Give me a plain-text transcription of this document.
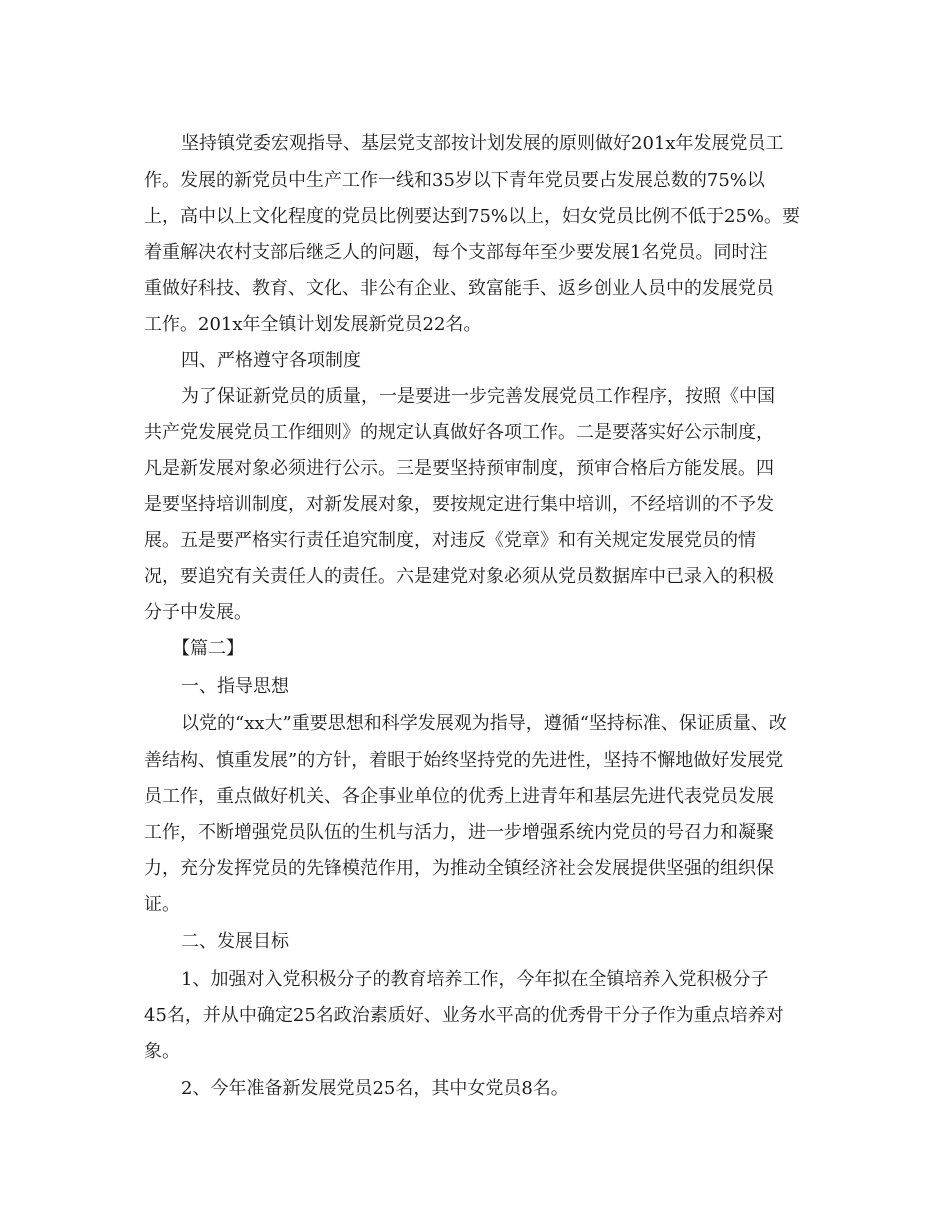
坚持镇党委宏观指导、基层党支部按计划发展的原则做好201x年发展党员工
作。发展的新党员中生产工作一线和35岁以下青年党员要占发展总数的75%以
上，高中以上文化程度的党员比例要达到75%以上，妇女党员比例不低于25%。要
着重解决农村支部后继乏人的问题，每个支部每年至少要发展1名党员。同时注
重做好科技、教育、文化、非公有企业、致富能手、返乡创业人员中的发展党员
工作。201x年全镇计划发展新党员22名。
四、严格遵守各项制度
为了保证新党员的质量，一是要进一步完善发展党员工作程序，按照《中国
共产党发展党员工作细则》的规定认真做好各项工作。二是要落实好公示制度，
凡是新发展对象必须进行公示。三是要坚持预审制度，预审合格后方能发展。四
是要坚持培训制度，对新发展对象，要按规定进行集中培训，不经培训的不予发
展。五是要严格实行责任追究制度，对违反《党章》和有关规定发展党员的情
况，要追究有关责任人的责任。六是建党对象必须从党员数据库中已录入的积极
分子中发展。
【篇二】
一、指导思想
以党的“xx大”重要思想和科学发展观为指导，遵循“坚持标准、保证质量、改
善结构、慎重发展”的方针，着眼于始终坚持党的先进性，坚持不懈地做好发展党
员工作，重点做好机关、各企事业单位的优秀上进青年和基层先进代表党员发展
工作，不断增强党员队伍的生机与活力，进一步增强系统内党员的号召力和凝聚
力，充分发挥党员的先锋模范作用，为推动全镇经济社会发展提供坚强的组织保
证。
二、发展目标
1、加强对入党积极分子的教育培养工作，今年拟在全镇培养入党积极分子
45名，并从中确定25名政治素质好、业务水平高的优秀骨干分子作为重点培养对
象。
2、今年准备新发展党员25名，其中女党员8名。
